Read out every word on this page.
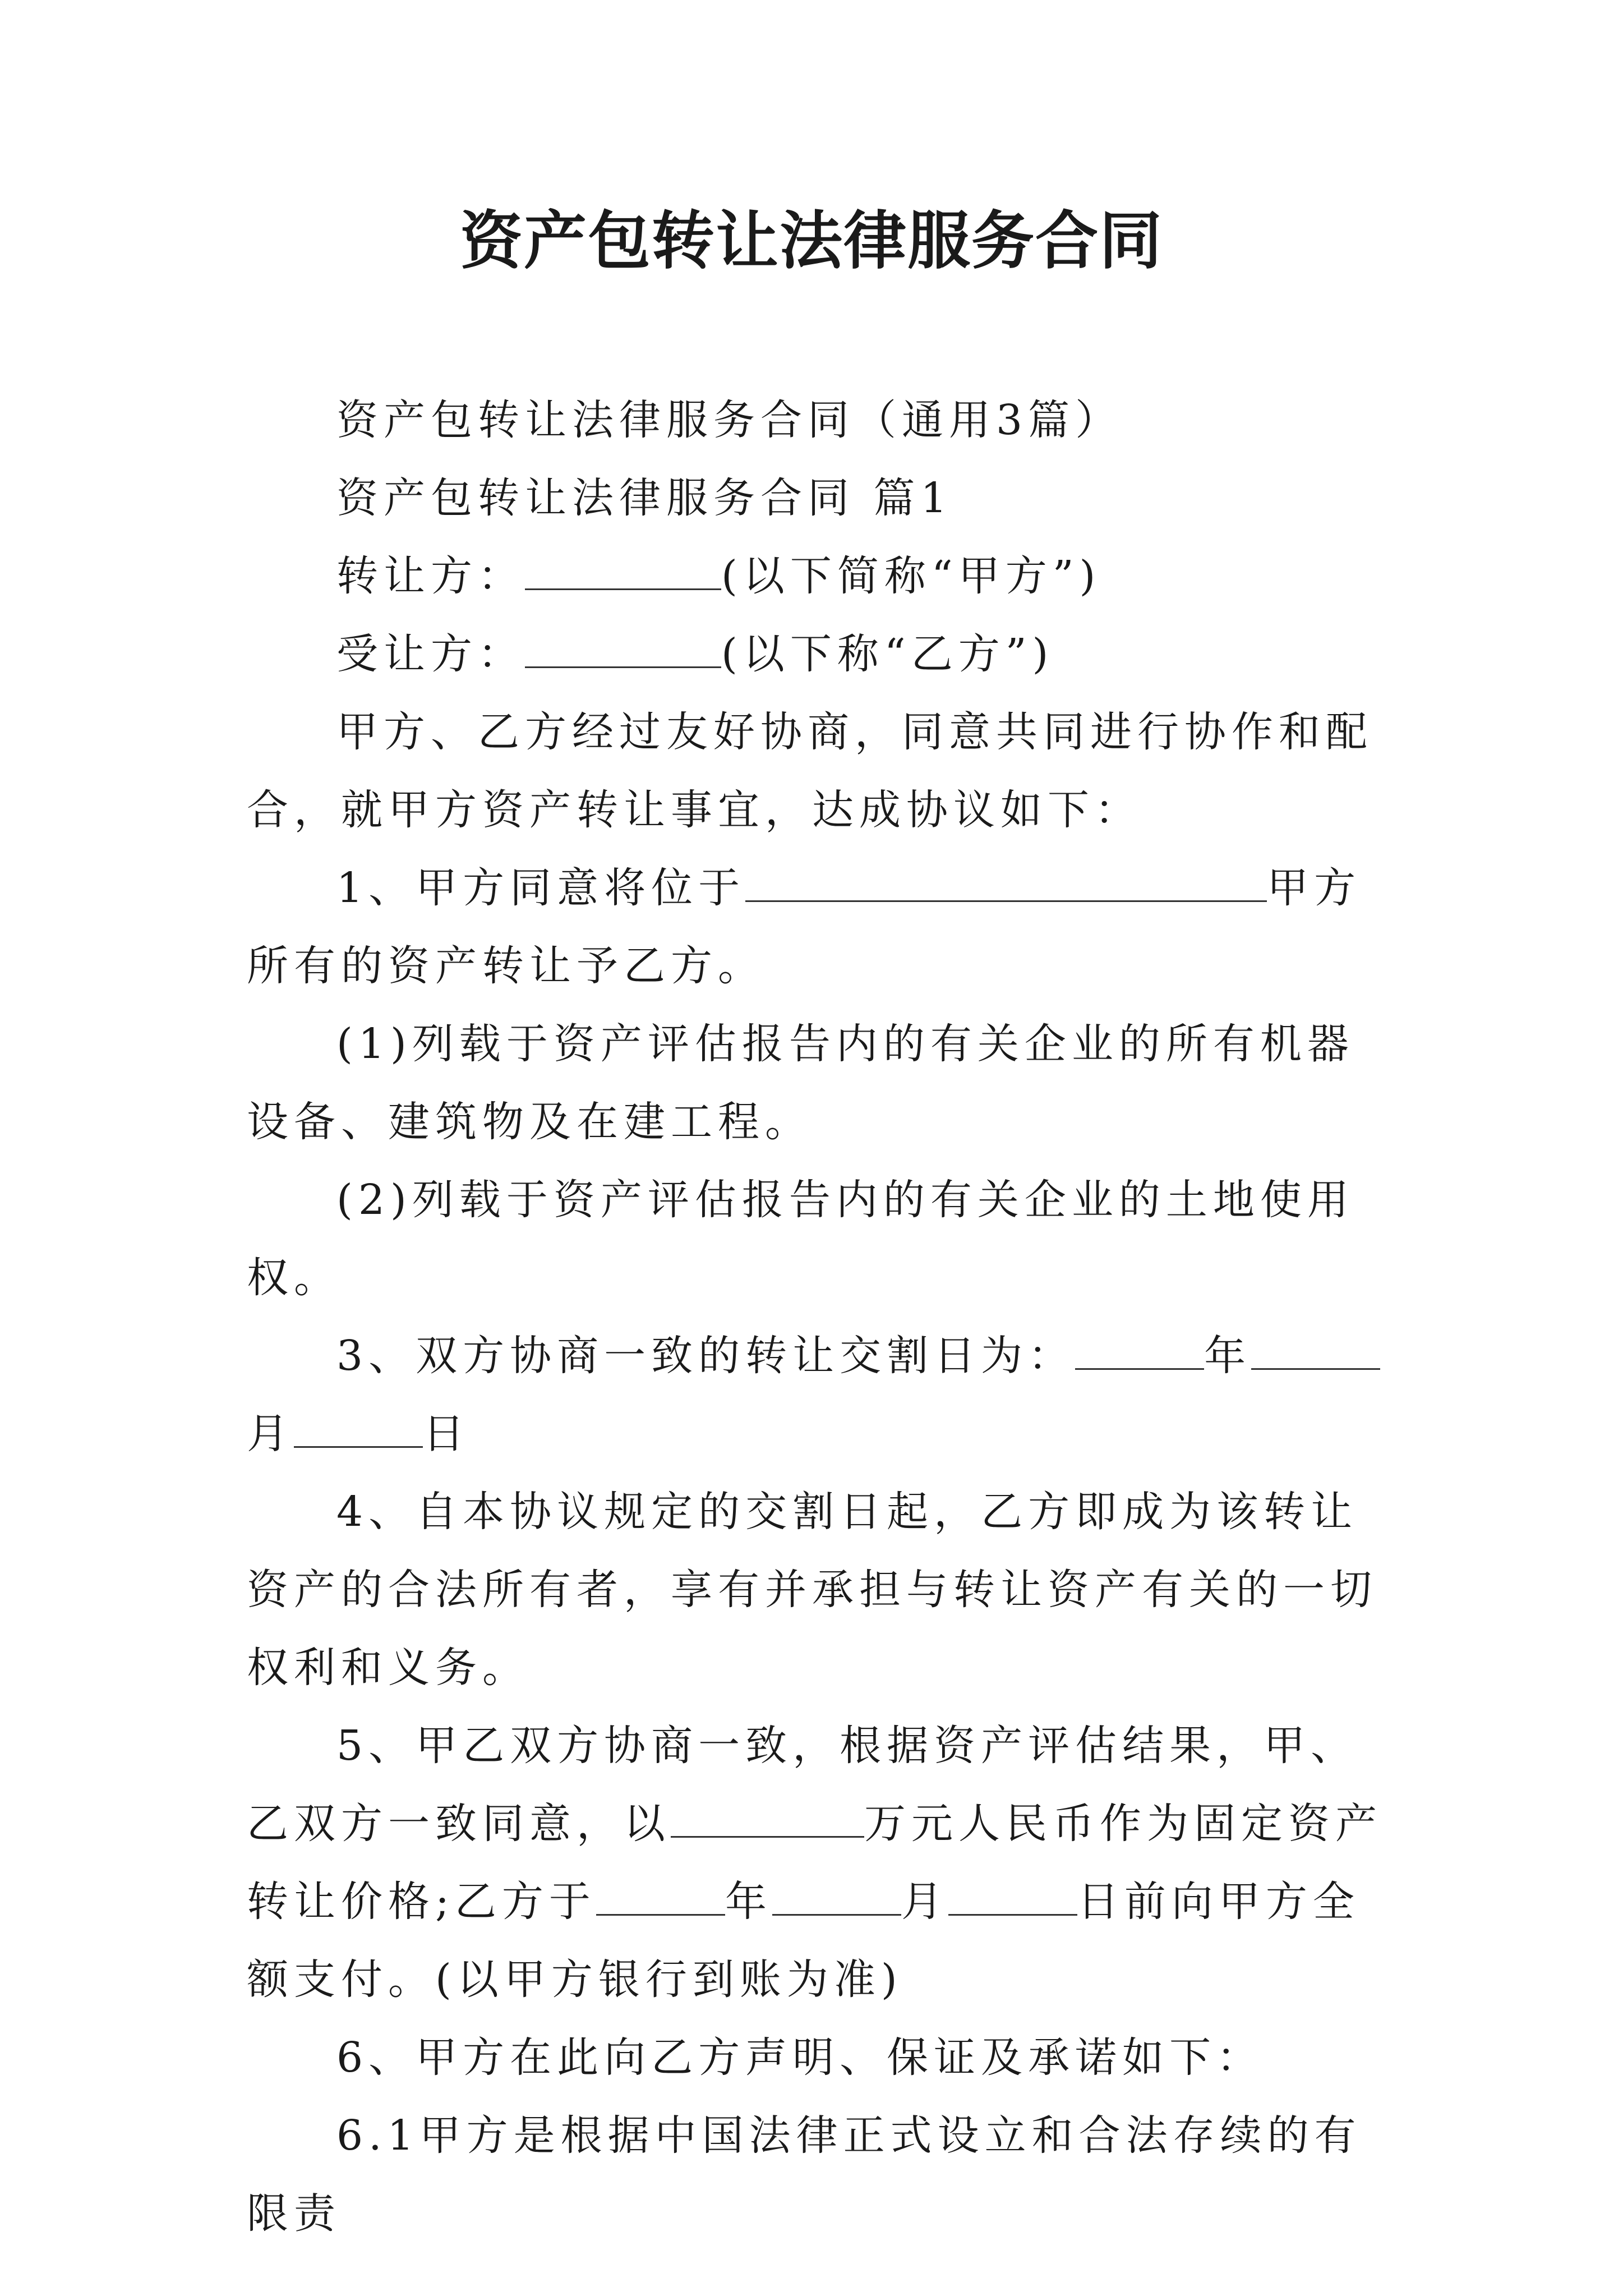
资产包转让法律服务合同

资产包转让法律服务合同（通用3篇）

资产包转让法律服务合同 篇1

转让方：	(以下简称“甲方”)

受让方：	(以下称“乙方”)

甲方、乙方经过友好协商，同意共同进行协作和配合，就甲方资产转让事宜，达成协议如下：

1、甲方同意将位于	甲方所有的资产转让予乙方。

(1)列载于资产评估报告内的有关企业的所有机器设备、建筑物及在建工程。

(2)列载于资产评估报告内的有关企业的土地使用权。

3、双方协商一致的转让交割日为：	年月	日

4、自本协议规定的交割日起，乙方即成为该转让资产的合法所有者，享有并承担与转让资产有关的一切权利和义务。

5、甲乙双方协商一致，根据资产评估结果，甲、乙双方一致同意，以	万元人民币作为固定资产转让价格;乙方于	年	月	日前向甲方全额支付。(以甲方银行到账为准)

6、甲方在此向乙方声明、保证及承诺如下：

6.1甲方是根据中国法律正式设立和合法存续的有限责
